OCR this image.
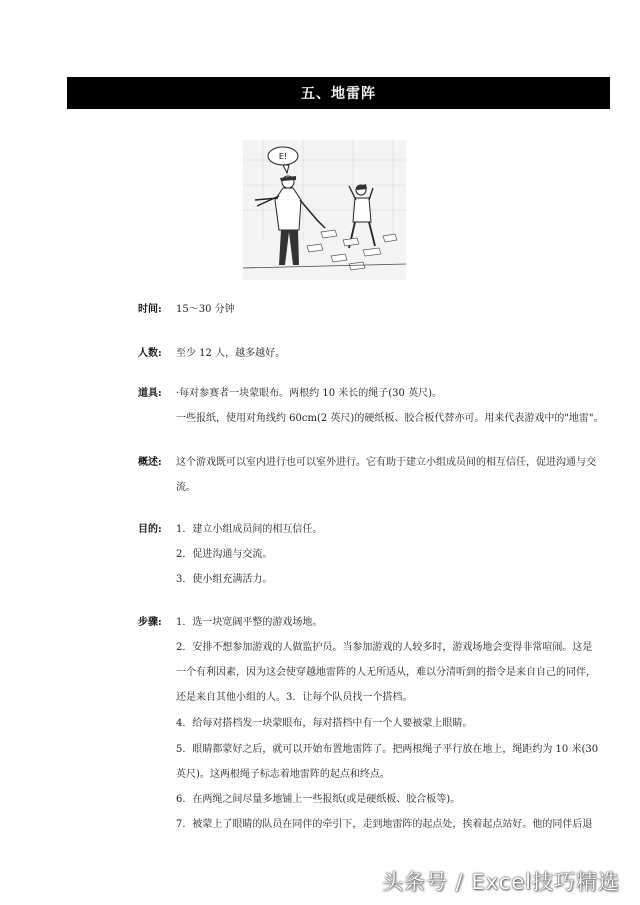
五、地雷阵
E!
时间: 15～30 分钟
人数: 至少 12 人，越多越好。
道具: ·每对参赛者一块蒙眼布。两根约 10 米长的绳子(30 英尺)。
一些报纸，使用对角线约 60cm(2 英尺)的硬纸板、胶合板代替亦可。用来代表游戏中的"地雷"。
概述: 这个游戏既可以室内进行也可以室外进行。它有助于建立小组成员间的相互信任，促进沟通与交
流。
目的: 1．建立小组成员间的相互信任。
2．促进沟通与交流。
3．使小组充满活力。
步骤: 1．选一块宽阔平整的游戏场地。
2．安排不想参加游戏的人做监护员。当参加游戏的人较多时，游戏场地会变得非常喧闹。这是
一个有利因素，因为这会使穿越地雷阵的人无所适从，难以分清听到的指令是来自自己的同伴，
还是来自其他小组的人。3．让每个队员找一个搭档。
4．给每对搭档发一块蒙眼布，每对搭档中有一个人要被蒙上眼睛。
5．眼睛都蒙好之后，就可以开始布置地雷阵了。把两根绳子平行放在地上，绳距约为 10 米(30
英尺)。这两根绳子标志着地雷阵的起点和终点。
6．在两绳之间尽量多地铺上一些报纸(或是硬纸板、胶合板等)。
7．被蒙上了眼睛的队员在同伴的牵引下，走到地雷阵的起点处，挨着起点站好。他的同伴后退
头条号 / Excel技巧精选
